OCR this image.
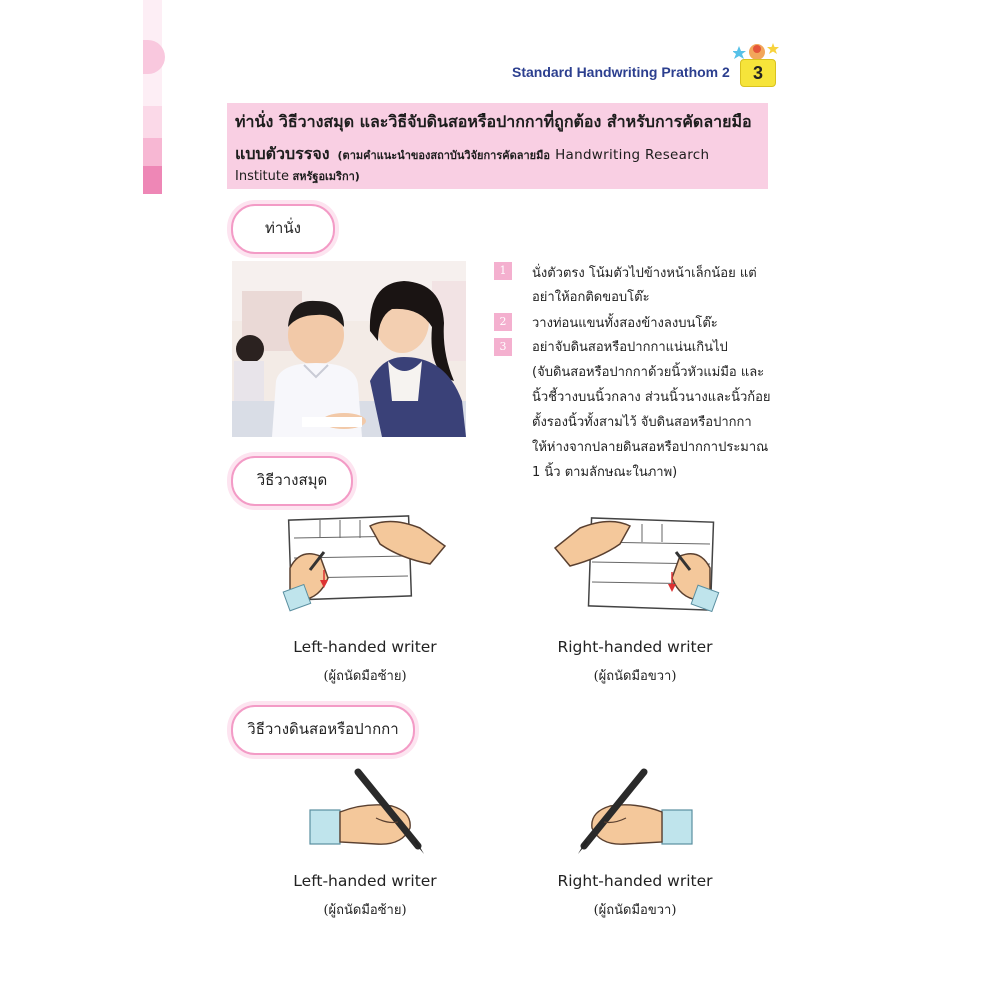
Standard Handwriting Prathom 2	3
ท่านั่ง วิธีวางสมุด และวิธีจับดินสอหรือปากกาที่ถูกต้อง สำหรับการคัดลายมือ
แบบตัวบรรจง (ตามคำแนะนำของสถาบันวิจัยการคัดลายมือ Handwriting Research
Institute สหรัฐอเมริกา)
ท่านั่ง
1	นั่งตัวตรง โน้มตัวไปข้างหน้าเล็กน้อย แต่
อย่าให้อกติดขอบโต๊ะ
2	วางท่อนแขนทั้งสองข้างลงบนโต๊ะ
3	อย่าจับดินสอหรือปากกาแน่นเกินไป
(จับดินสอหรือปากกาด้วยนิ้วหัวแม่มือ และ
นิ้วชี้วางบนนิ้วกลาง ส่วนนิ้วนางและนิ้วก้อย
ตั้งรองนิ้วทั้งสามไว้ จับดินสอหรือปากกา
ให้ห่างจากปลายดินสอหรือปากกาประมาณ
1 นิ้ว ตามลักษณะในภาพ)
วิธีวางสมุด
Left-handed writer
(ผู้ถนัดมือซ้าย)
Right-handed writer
(ผู้ถนัดมือขวา)
วิธีวางดินสอหรือปากกา
Left-handed writer
(ผู้ถนัดมือซ้าย)
Right-handed writer
(ผู้ถนัดมือขวา)
